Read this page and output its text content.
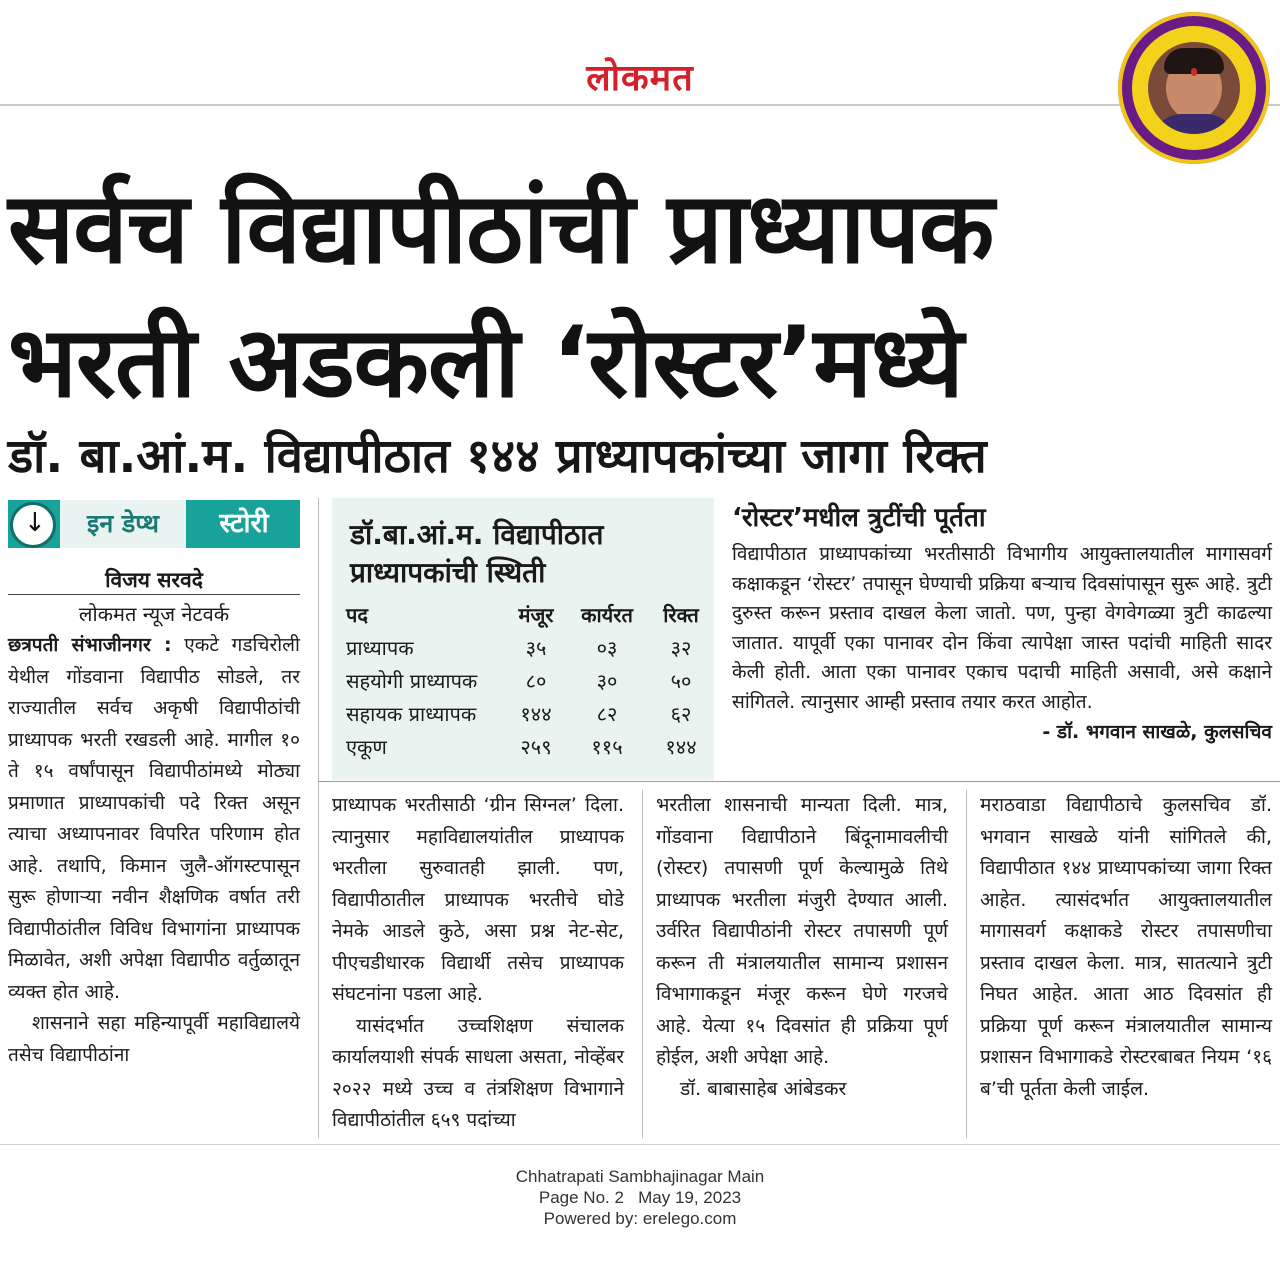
लोकमत
सर्वच विद्यापीठांची प्राध्यापक
भरती अडकली ‘रोस्टर’मध्ये
डॉ. बा.आं.म. विद्यापीठात १४४ प्राध्यापकांच्या जागा रिक्त
↓	इन डेप्थ	स्टोरी
विजय सरवदे
लोकमत न्यूज नेटवर्क
छत्रपती संभाजीनगर : एकटे गडचिरोली येथील गोंडवाना विद्यापीठ सोडले, तर राज्यातील सर्वच अकृषी विद्यापीठांची प्राध्यापक भरती रखडली आहे. मागील १० ते १५ वर्षांपासून विद्यापीठांमध्ये मोठ्या प्रमाणात प्राध्यापकांची पदे रिक्त असून त्याचा अध्यापनावर विपरित परिणाम होत आहे. तथापि, किमान जुलै-ऑगस्टपासून सुरू होणाऱ्या नवीन शैक्षणिक वर्षात तरी विद्यापीठांतील विविध विभागांना प्राध्यापक मिळावेत, अशी अपेक्षा विद्यापीठ वर्तुळातून व्यक्त होत आहे.
शासनाने सहा महिन्यापूर्वी महाविद्यालये तसेच विद्यापीठांना
डॉ.बा.आं.म. विद्यापीठात प्राध्यापकांची स्थिती
पद	मंजूर	कार्यरत	रिक्त
प्राध्यापक	३५	०३	३२
सहयोगी प्राध्यापक	८०	३०	५०
सहायक प्राध्यापक	१४४	८२	६२
एकूण	२५९	११५	१४४
‘रोस्टर’मधील त्रुटींची पूर्तता
विद्यापीठात प्राध्यापकांच्या भरतीसाठी विभागीय आयुक्तालयातील मागासवर्ग कक्षाकडून ‘रोस्टर’ तपासून घेण्याची प्रक्रिया बऱ्याच दिवसांपासून सुरू आहे. त्रुटी दुरुस्त करून प्रस्ताव दाखल केला जातो. पण, पुन्हा वेगवेगळ्या त्रुटी काढल्या जातात. यापूर्वी एका पानावर दोन किंवा त्यापेक्षा जास्त पदांची माहिती सादर केली होती. आता एका पानावर एकाच पदाची माहिती असावी, असे कक्षाने सांगितले. त्यानुसार आम्ही प्रस्ताव तयार करत आहोत.
- डॉ. भगवान साखळे, कुलसचिव
प्राध्यापक भरतीसाठी ‘ग्रीन सिग्नल’ दिला. त्यानुसार महाविद्यालयांतील प्राध्यापक भरतीला सुरुवातही झाली. पण, विद्यापीठातील प्राध्यापक भरतीचे घोडे नेमके आडले कुठे, असा प्रश्न नेट-सेट, पीएचडीधारक विद्यार्थी तसेच प्राध्यापक संघटनांना पडला आहे.
यासंदर्भात उच्चशिक्षण संचालक कार्यालयाशी संपर्क साधला असता, नोव्हेंबर २०२२ मध्ये उच्च व तंत्रशिक्षण विभागाने विद्यापीठांतील ६५९ पदांच्या
भरतीला शासनाची मान्यता दिली. मात्र, गोंडवाना विद्यापीठाने बिंदूनामावलीची (रोस्टर) तपासणी पूर्ण केल्यामुळे तिथे प्राध्यापक भरतीला मंजुरी देण्यात आली. उर्वरित विद्यापीठांनी रोस्टर तपासणी पूर्ण करून ती मंत्रालयातील सामान्य प्रशासन विभागाकडून मंजूर करून घेणे गरजचे आहे. येत्या १५ दिवसांत ही प्रक्रिया पूर्ण होईल, अशी अपेक्षा आहे.
डॉ. बाबासाहेब आंबेडकर
मराठवाडा विद्यापीठाचे कुलसचिव डॉ. भगवान साखळे यांनी सांगितले की, विद्यापीठात १४४ प्राध्यापकांच्या जागा रिक्त आहेत. त्यासंदर्भात आयुक्तालयातील मागासवर्ग कक्षाकडे रोस्टर तपासणीचा प्रस्ताव दाखल केला. मात्र, सातत्याने त्रुटी निघत आहेत. आता आठ दिवसांत ही प्रक्रिया पूर्ण करून मंत्रालयातील सामान्य प्रशासन विभागाकडे रोस्टरबाबत नियम ‘१६ ब’ची पूर्तता केली जाईल.
Chhatrapati Sambhajinagar Main
Page No. 2 May 19, 2023
Powered by: erelego.com
